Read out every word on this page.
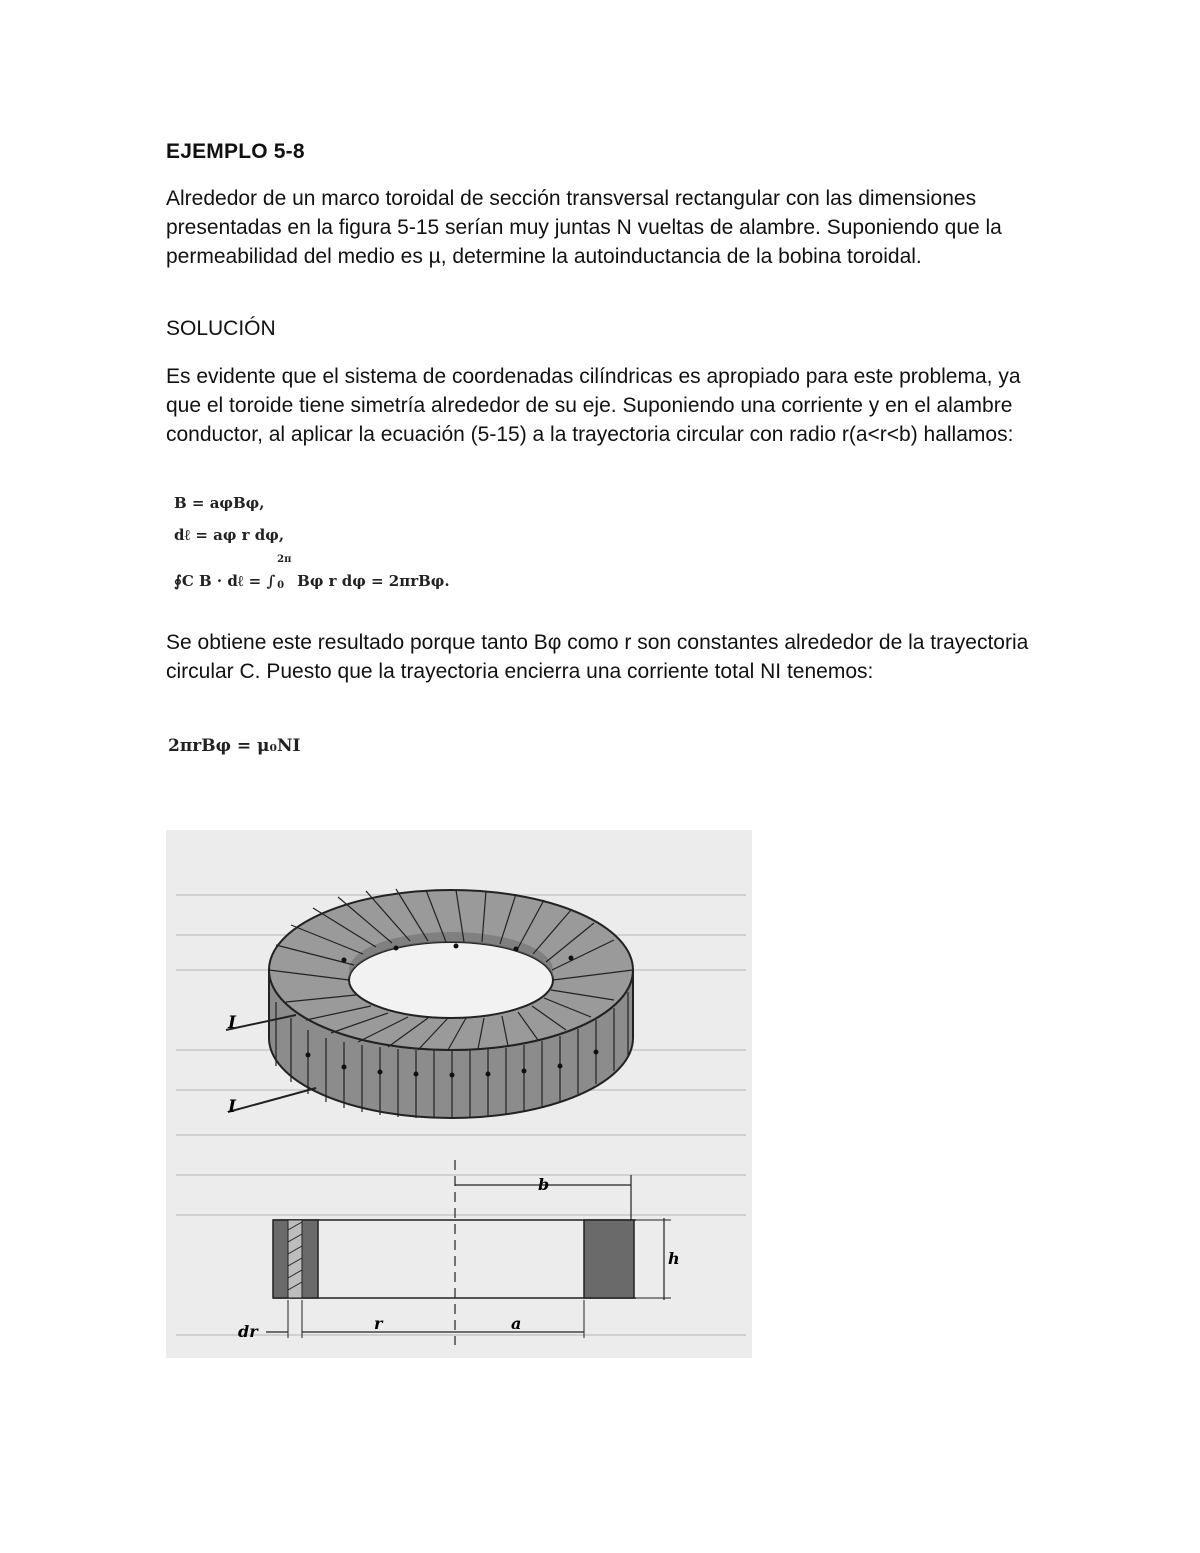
EJEMPLO 5-8

Alrededor de un marco toroidal de sección transversal rectangular con las dimensiones presentadas en la figura 5-15 serían muy juntas N vueltas de alambre. Suponiendo que la permeabilidad del medio es µ, determine la autoinductancia de la bobina toroidal.

SOLUCIÓN

Es evidente que el sistema de coordenadas cilíndricas es apropiado para este problema, ya que el toroide tiene simetría alrededor de su eje. Suponiendo una corriente y en el alambre conductor, al aplicar la ecuación (5-15) a la trayectoria circular con radio r(a<r<b) hallamos:

B = aφBφ,
dℓ = aφ r dφ,
∮C B · dℓ = ∫
2π
0 Bφ r dφ = 2πrBφ.

Se obtiene este resultado porque tanto Bφ como r son constantes alrededor de la trayectoria circular C. Puesto que la trayectoria encierra una corriente total NI tenemos:

2πrBφ = μ₀NI
I
I
b
h
dr	r	a
